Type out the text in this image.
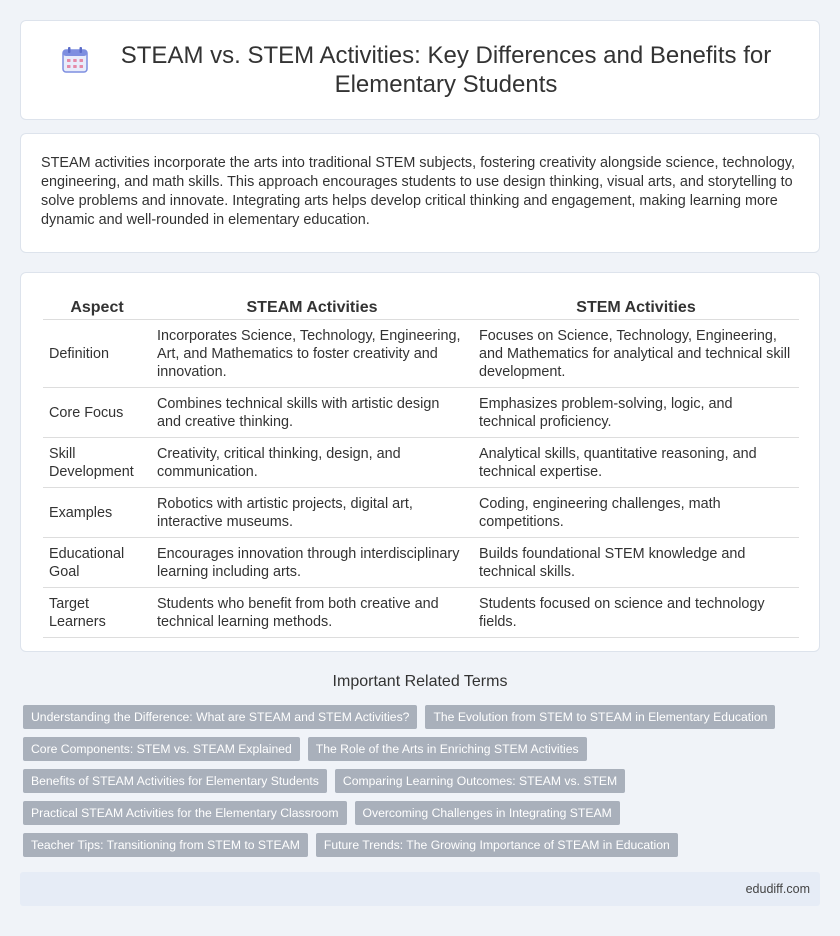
STEAM vs. STEM Activities: Key Differences and Benefits for Elementary Students

STEAM activities incorporate the arts into traditional STEM subjects, fostering creativity alongside science, technology, engineering, and math skills. This approach encourages students to use design thinking, visual arts, and storytelling to solve problems and innovate. Integrating arts helps develop critical thinking and engagement, making learning more dynamic and well-rounded in elementary education.

Aspect	STEAM Activities	STEM Activities
Definition	Incorporates Science, Technology, Engineering, Art, and Mathematics to foster creativity and innovation.	Focuses on Science, Technology, Engineering, and Mathematics for analytical and technical skill development.
Core Focus	Combines technical skills with artistic design and creative thinking.	Emphasizes problem-solving, logic, and technical proficiency.
Skill Development	Creativity, critical thinking, design, and communication.	Analytical skills, quantitative reasoning, and technical expertise.
Examples	Robotics with artistic projects, digital art, interactive museums.	Coding, engineering challenges, math competitions.
Educational Goal	Encourages innovation through interdisciplinary learning including arts.	Builds foundational STEM knowledge and technical skills.
Target Learners	Students who benefit from both creative and technical learning methods.	Students focused on science and technology fields.
Important Related Terms
Understanding the Difference: What are STEAM and STEM Activities?	The Evolution from STEM to STEAM in Elementary Education
Core Components: STEM vs. STEAM Explained	The Role of the Arts in Enriching STEM Activities
Benefits of STEAM Activities for Elementary Students	Comparing Learning Outcomes: STEAM vs. STEM
Practical STEAM Activities for the Elementary Classroom	Overcoming Challenges in Integrating STEAM
Teacher Tips: Transitioning from STEM to STEAM	Future Trends: The Growing Importance of STEAM in Education
edudiff.com
